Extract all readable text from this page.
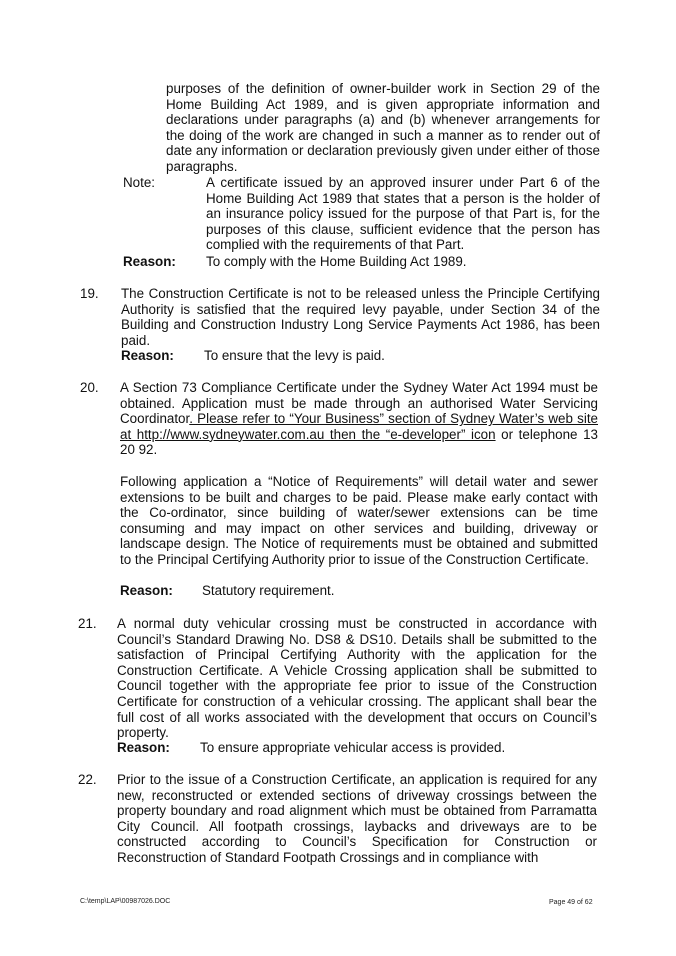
purposes of the definition of owner-builder work in Section 29 of the Home Building Act 1989, and is given appropriate information and declarations under paragraphs (a) and (b) whenever arrangements for the doing of the work are changed in such a manner as to render out of date any information or declaration previously given under either of those paragraphs.
Note:	A certificate issued by an approved insurer under Part 6 of the Home Building Act 1989 that states that a person is the holder of an insurance policy issued for the purpose of that Part is, for the purposes of this clause, sufficient evidence that the person has complied with the requirements of that Part.
Reason: To comply with the Home Building Act 1989.
19. The Construction Certificate is not to be released unless the Principle Certifying Authority is satisfied that the required levy payable, under Section 34 of the Building and Construction Industry Long Service Payments Act 1986, has been paid.
Reason: To ensure that the levy is paid.
20. A Section 73 Compliance Certificate under the Sydney Water Act 1994 must be obtained. Application must be made through an authorised Water Servicing Coordinator. Please refer to “Your Business” section of Sydney Water’s web site at http://www.sydneywater.com.au then the “e-developer” icon or telephone 13 20 92.
Following application a “Notice of Requirements” will detail water and sewer extensions to be built and charges to be paid. Please make early contact with the Co-ordinator, since building of water/sewer extensions can be time consuming and may impact on other services and building, driveway or landscape design. The Notice of requirements must be obtained and submitted to the Principal Certifying Authority prior to issue of the Construction Certificate.
Reason: Statutory requirement.
21. A normal duty vehicular crossing must be constructed in accordance with Council’s Standard Drawing No. DS8 & DS10. Details shall be submitted to the satisfaction of Principal Certifying Authority with the application for the Construction Certificate. A Vehicle Crossing application shall be submitted to Council together with the appropriate fee prior to issue of the Construction Certificate for construction of a vehicular crossing. The applicant shall bear the full cost of all works associated with the development that occurs on Council’s property.
Reason: To ensure appropriate vehicular access is provided.
22. Prior to the issue of a Construction Certificate, an application is required for any new, reconstructed or extended sections of driveway crossings between the property boundary and road alignment which must be obtained from Parramatta City Council. All footpath crossings, laybacks and driveways are to be constructed according to Council’s Specification for Construction or Reconstruction of Standard Footpath Crossings and in compliance with
C:\temp\LAP\00987026.DOC	Page 49 of 62
